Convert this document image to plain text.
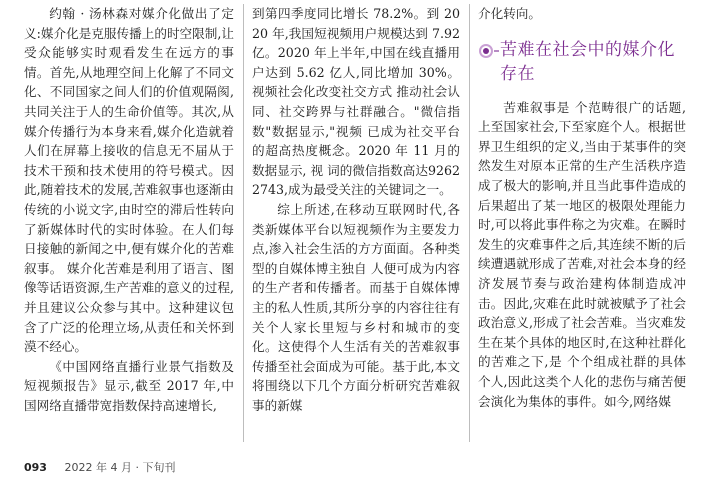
约翰 · 汤林森对媒介化做出了定义:媒介化是克服传播上的时空限制,让受众能够实时观看发生在远方的事情。首先,从地理空间上化解了不同文化、不同国家之间人们的价值观隔阂,共同关注于人的生命价值等。其次,从媒介传播行为本身来看,媒介化造就着人们在屏幕上接收的信息无不届从于技术干预和技术使用的符号模式。因此,随着技术的发展,苦难叙事也逐渐由传统的小说文字,由时空的滞后性转向了新媒体时代的实时体验。在人们每日接触的新闻之中,便有媒介化的苦难叙事。 媒介化苦难是利用了语言、图像等话语资源,生产苦难的意义的过程,并且建议公众参与其中。这种建议包含了广泛的伦理立场,从责任和关怀到漠不经心。

《中国网络直播行业景气指数及短视频报告》显示,截至 2017 年,中国网络直播带宽指数保持高速增长,

到第四季度同比增长 78.2%。到 2020 年,我国短视频用户规模达到 7.92 亿。2020 年上半年,中国在线直播用户达到 5.62 亿人,同比增加 30%。视频社会化改变社交方式 推动社会认同、社交跨界与社群融合。"微信指数"数据显示,"视频 已成为社交平台的超高热度概念。2020 年 11 月的数据显示, 视 词的微信指数高达92622743,成为最受关注的关键词之一。

综上所述,在移动互联网时代,各类新媒体平台以短视频作为主要发力点,渗入社会生活的方方面面。各种类型的自媒体博主独自 人便可成为内容的生产者和传播者。而基于自媒体博主的私人性质,其所分享的内容往往有关个人家长里短与乡村和城市的变化。这使得个人生活有关的苦难叙事传播至社会面成为可能。基于此,本文将围绕以下几个方面分析研究苦难叙事的新媒

介化转向。

苦难在社会中的媒介化存在

苦难叙事是 个范畴很广的话题,上至国家社会,下至家庭个人。根据世界卫生组织的定义,当由于某事件的突然发生对原本正常的生产生活秩序造成了极大的影响,并且当此事件造成的后果超出了某一地区的极限处理能力时,可以将此事件称之为灾难。在瞬时发生的灾难事件之后,其连续不断的后续遭遇就形成了苦难,对社会本身的经济发展节奏与政治建构体制造成冲击。因此,灾难在此时就被赋予了社会政治意义,形成了社会苦难。当灾难发生在某个具体的地区时,在这种社群化的苦难之下,是 个个组成社群的具体个人,因此这类个人化的悲伤与痛苦便会演化为集体的事件。如今,网络媒

093 2022 年 4 月 · 下旬刊
